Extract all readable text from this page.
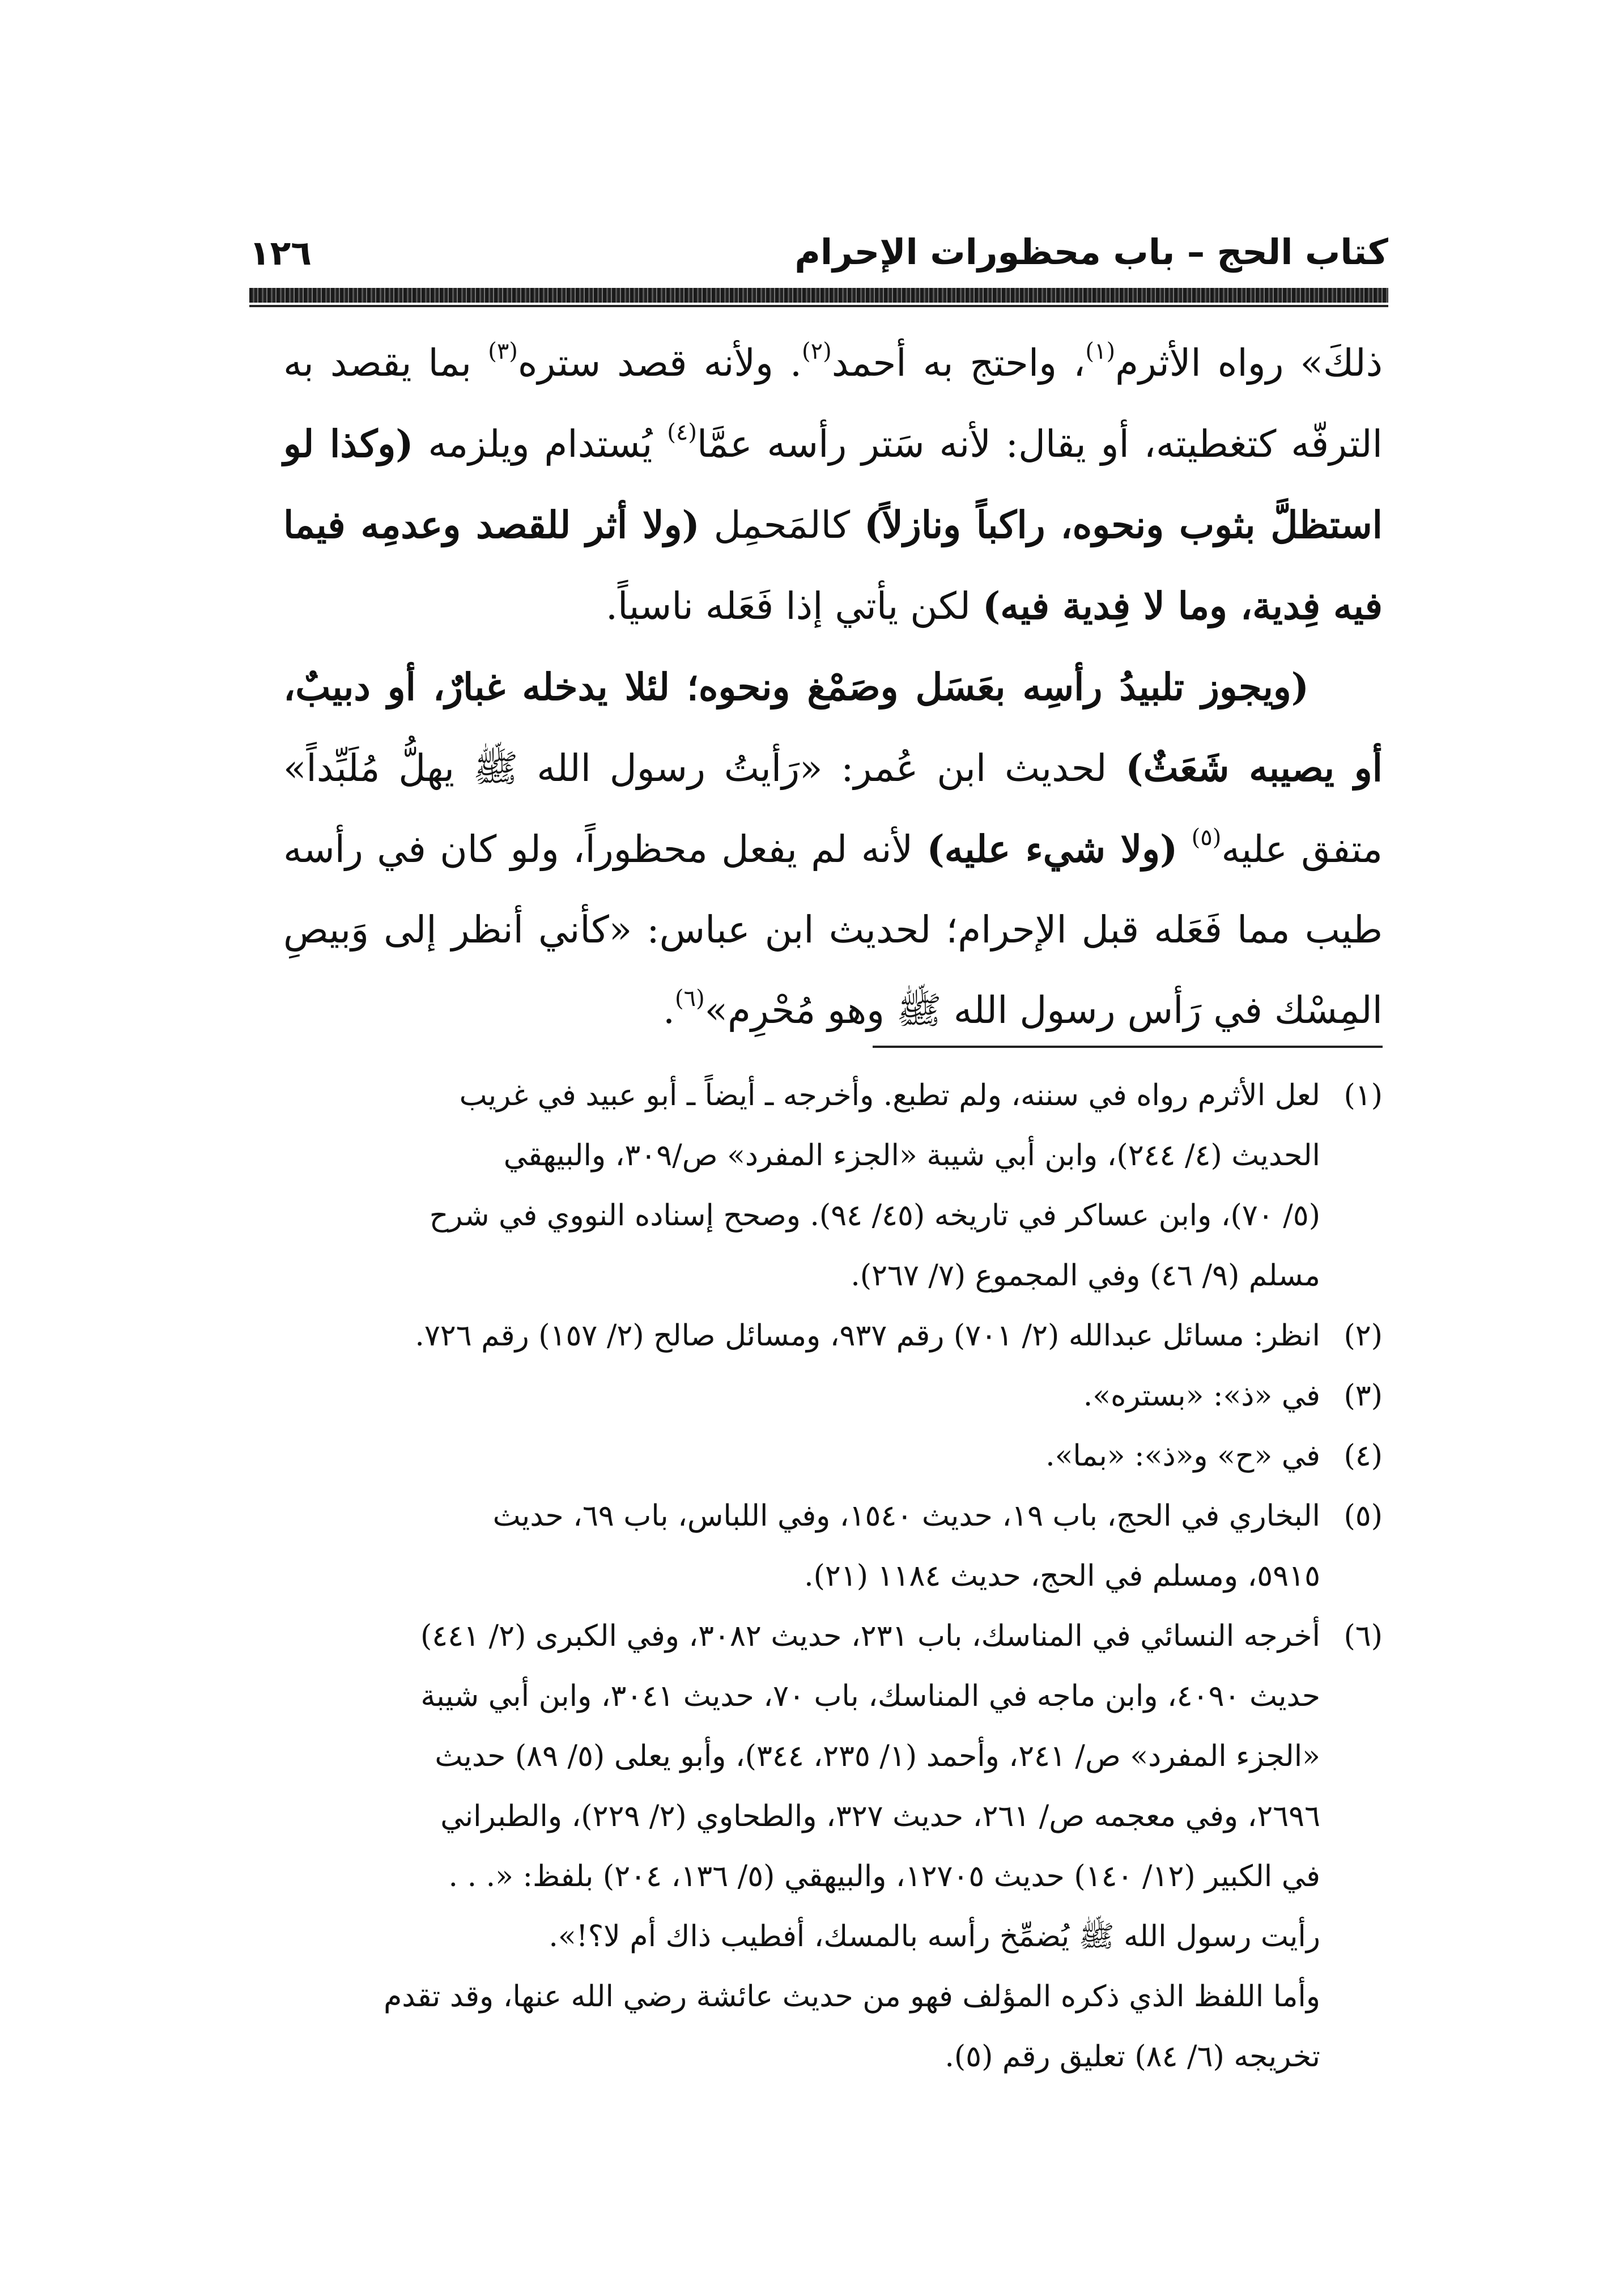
كتاب الحج – باب محظورات الإحرام
١٢٦

ذلكَ» رواه الأثرم$^{(١)}$، واحتج به أحمد$^{(٢)}$. ولأنه قصد ستره$^{(٣)}$ بما يقصد به الترفّه كتغطيته، أو يقال: لأنه سَتر رأسه عمَّا$^{(٤)}$ يُستدام ويلزمه (وكذا لو استظلَّ بثوب ونحوه، راكباً ونازلاً) كالمَحمِل (ولا أثر للقصد وعدمِه فيما فيه فِدية، وما لا فِدية فيه) لكن يأتي إذا فَعَله ناسياً.

(ويجوز تلبيدُ رأسِه بعَسَل وصَمْغ ونحوه؛ لئلا يدخله غبارٌ، أو دبيبٌ، أو يصيبه شَعَثٌ) لحديث ابن عُمر: «رَأيتُ رسول الله ﷺ يهلُّ مُلَبِّداً» متفق عليه$^{(٥)}$ (ولا شيء عليه) لأنه لم يفعل محظوراً، ولو كان في رأسه طيب مما فَعَله قبل الإحرام؛ لحديث ابن عباس: «كأني أنظر إلى وَبيصِ المِسْك في رَأس رسول الله ﷺ وهو مُحْرِم»$^{(٦)}$.

(١)
لعل الأثرم رواه في سننه، ولم تطبع. وأخرجه ـ أيضاً ـ أبو عبيد في غريب
الحديث (٤/ ٢٤٤)، وابن أبي شيبة «الجزء المفرد» ص/٣٠٩، والبيهقي
(٥/ ٧٠)، وابن عساكر في تاريخه (٤٥/ ٩٤). وصحح إسناده النووي في شرح
مسلم (٩/ ٤٦) وفي المجموع (٧/ ٢٦٧).
(٢)
انظر: مسائل عبدالله (٢/ ٧٠١) رقم ٩٣٧، ومسائل صالح (٢/ ١٥٧) رقم ٧٢٦.
(٣)
في «ذ»: «بستره».
(٤)
في «ح» و«ذ»: «بما».
(٥)
البخاري في الحج، باب ١٩، حديث ١٥٤٠، وفي اللباس، باب ٦٩، حديث
٥٩١٥، ومسلم في الحج، حديث ١١٨٤ (٢١).
(٦)
أخرجه النسائي في المناسك، باب ٢٣١، حديث ٣٠٨٢، وفي الكبرى (٢/ ٤٤١)
حديث ٤٠٩٠، وابن ماجه في المناسك، باب ٧٠، حديث ٣٠٤١، وابن أبي شيبة
«الجزء المفرد» ص/ ٢٤١، وأحمد (١/ ٢٣٥، ٣٤٤)، وأبو يعلى (٥/ ٨٩) حديث
٢٦٩٦، وفي معجمه ص/ ٢٦١، حديث ٣٢٧، والطحاوي (٢/ ٢٢٩)، والطبراني
في الكبير (١٢/ ١٤٠) حديث ١٢٧٠٥، والبيهقي (٥/ ١٣٦، ٢٠٤) بلفظ: «. . .
رأيت رسول الله ﷺ يُضمِّخ رأسه بالمسك، أفطيب ذاك أم لا؟!».
وأما اللفظ الذي ذكره المؤلف فهو من حديث عائشة رضي الله عنها، وقد تقدم
تخريجه (٦/ ٨٤) تعليق رقم (٥).
